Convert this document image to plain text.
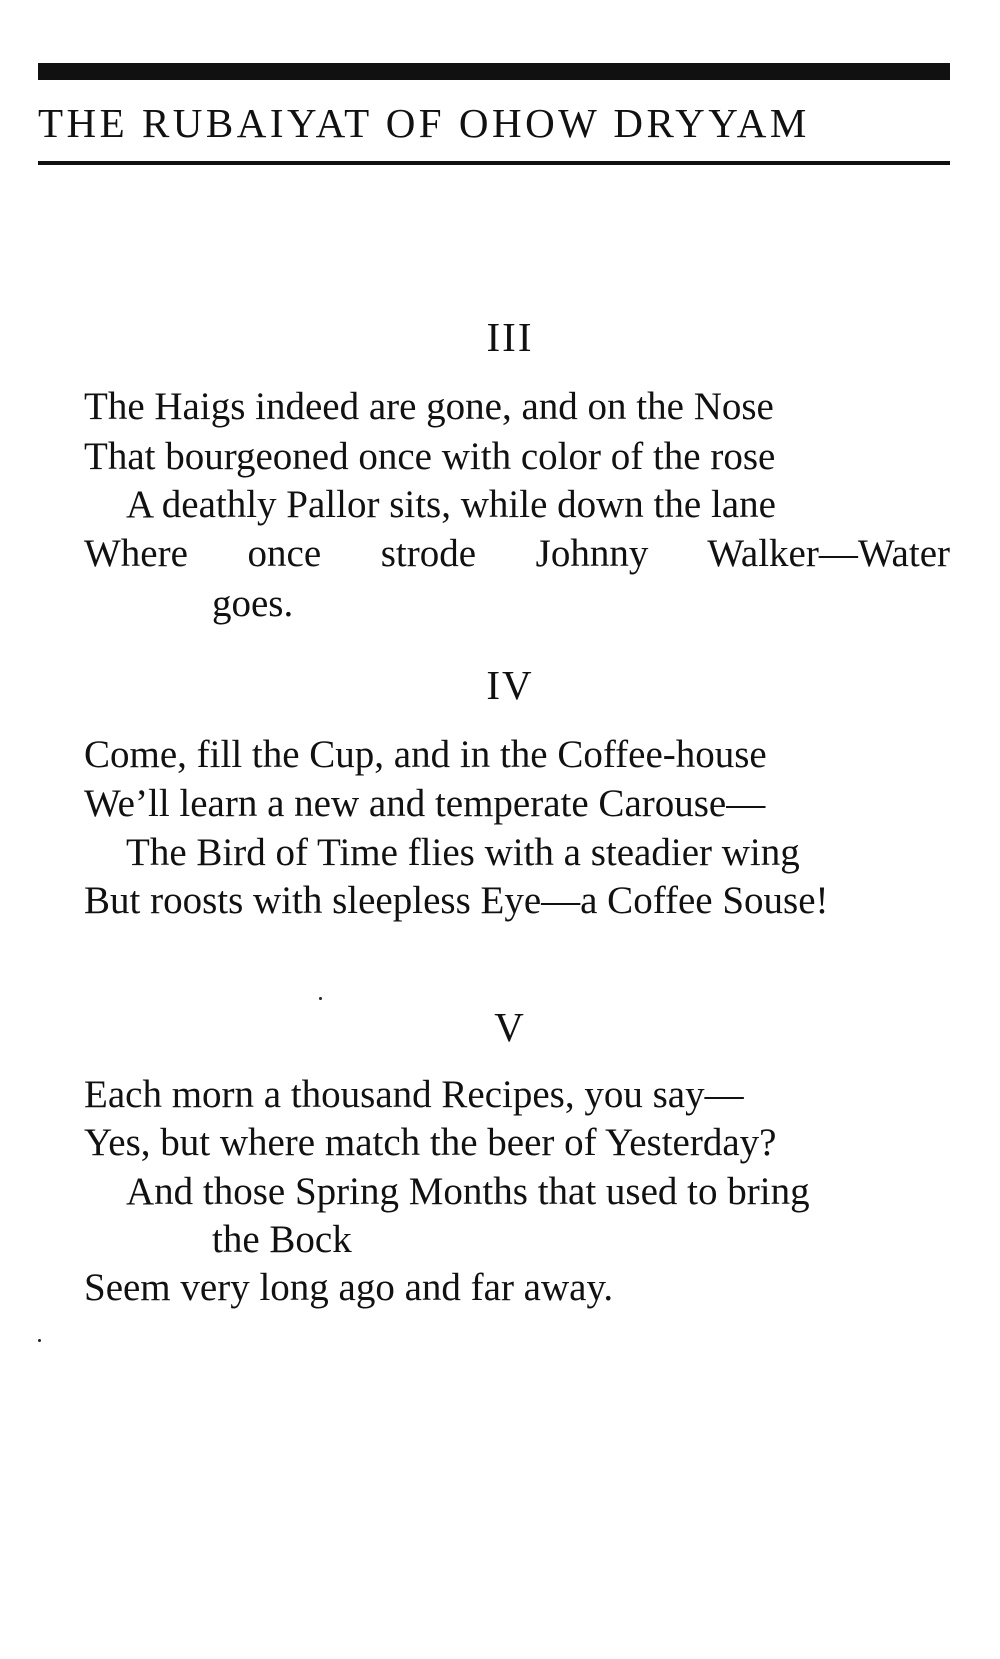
THE RUBAIYAT OF OHOW DRYYAM
III
The Haigs indeed are gone, and on the Nose
That bourgeoned once with color of the rose
A deathly Pallor sits, while down the lane
Where once strode Johnny Walker—Water
goes.
IV
Come, fill the Cup, and in the Coffee-house
We’ll learn a new and temperate Carouse—
The Bird of Time flies with a steadier wing
But roosts with sleepless Eye—a Coffee Souse!
V
Each morn a thousand Recipes, you say—
Yes, but where match the beer of Yesterday?
And those Spring Months that used to bring
the Bock
Seem very long ago and far away.
